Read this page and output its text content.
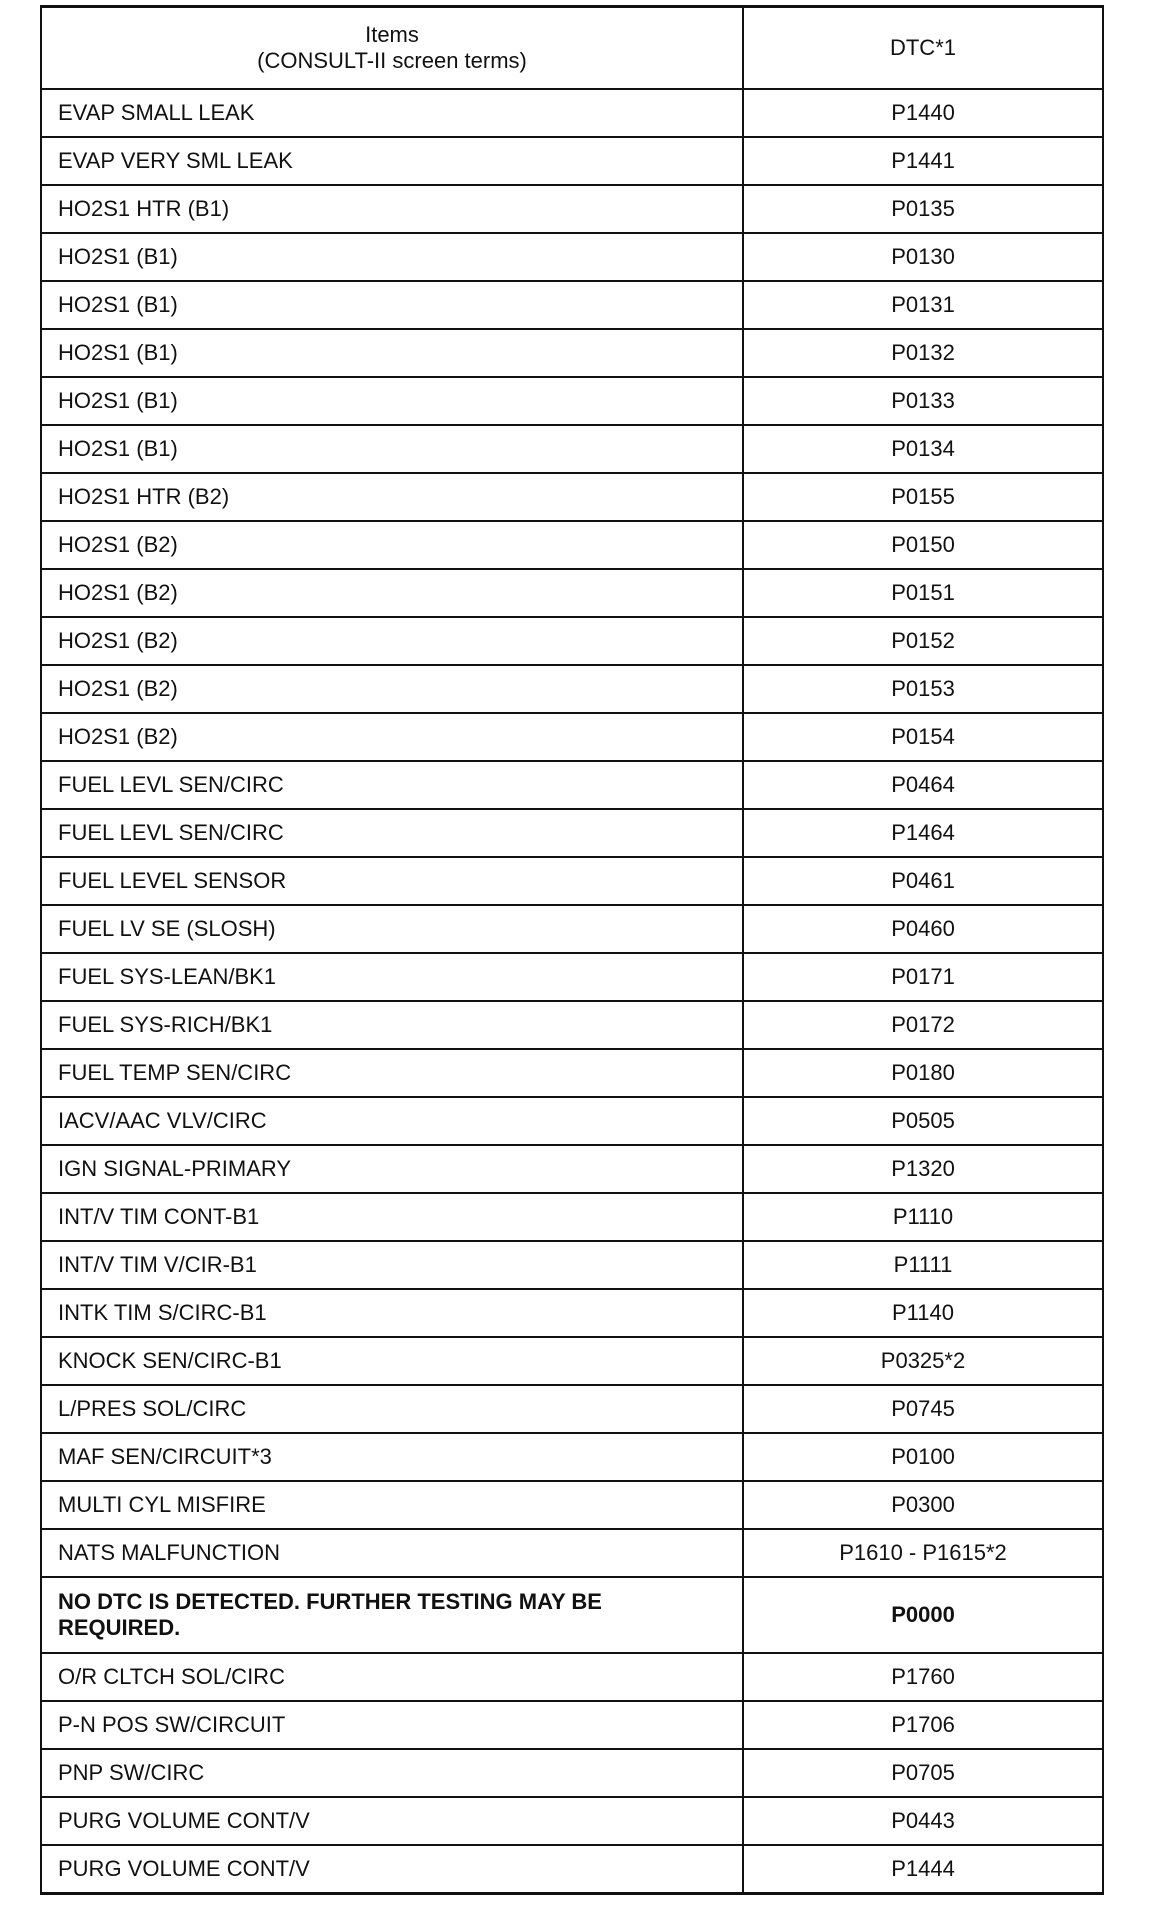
Items
(CONSULT-II screen terms)	DTC*1
EVAP SMALL LEAK	P1440
EVAP VERY SML LEAK	P1441
HO2S1 HTR (B1)	P0135
HO2S1 (B1)	P0130
HO2S1 (B1)	P0131
HO2S1 (B1)	P0132
HO2S1 (B1)	P0133
HO2S1 (B1)	P0134
HO2S1 HTR (B2)	P0155
HO2S1 (B2)	P0150
HO2S1 (B2)	P0151
HO2S1 (B2)	P0152
HO2S1 (B2)	P0153
HO2S1 (B2)	P0154
FUEL LEVL SEN/CIRC	P0464
FUEL LEVL SEN/CIRC	P1464
FUEL LEVEL SENSOR	P0461
FUEL LV SE (SLOSH)	P0460
FUEL SYS-LEAN/BK1	P0171
FUEL SYS-RICH/BK1	P0172
FUEL TEMP SEN/CIRC	P0180
IACV/AAC VLV/CIRC	P0505
IGN SIGNAL-PRIMARY	P1320
INT/V TIM CONT-B1	P1110
INT/V TIM V/CIR-B1	P1111
INTK TIM S/CIRC-B1	P1140
KNOCK SEN/CIRC-B1	P0325*2
L/PRES SOL/CIRC	P0745
MAF SEN/CIRCUIT*3	P0100
MULTI CYL MISFIRE	P0300
NATS MALFUNCTION	P1610 - P1615*2
NO DTC IS DETECTED. FURTHER TESTING MAY BE REQUIRED.	P0000
O/R CLTCH SOL/CIRC	P1760
P-N POS SW/CIRCUIT	P1706
PNP SW/CIRC	P0705
PURG VOLUME CONT/V	P0443
PURG VOLUME CONT/V	P1444
